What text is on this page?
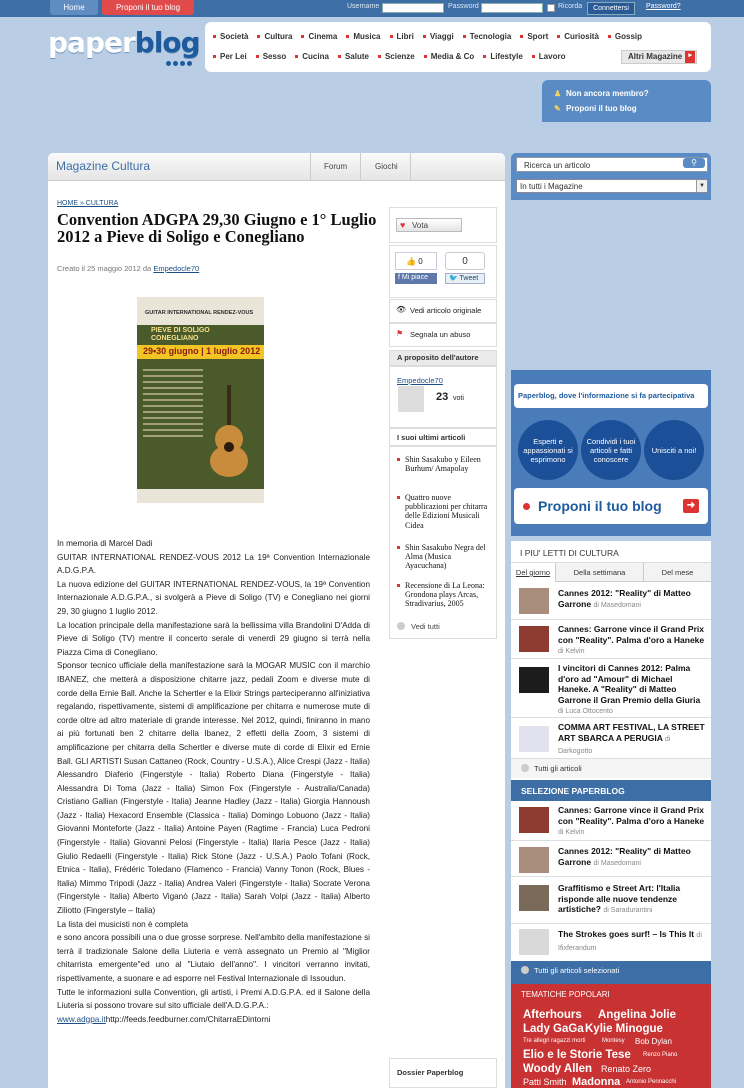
Home	Proponi il tuo blog	Username	Password	Ricorda	Connettersi	Password?
paperblog	Società	Cultura	Cinema	Musica	Libri	Viaggi	Tecnologia	Sport	Curiosità	Gossip
Per Lei	Sesso	Cucina	Salute	Scienze	Media & Co	Lifestyle	Lavoro	Altri Magazine ▸
♟ Non ancora membro?
✎ Proponi il tuo blog
Magazine Cultura	Forum	Giochi
HOME » CULTURA
Convention ADGPA 29,30 Giugno e 1° Luglio 2012 a Pieve di Soligo e Conegliano
Creato il 25 maggio 2012 da Empedocle70
GUITAR INTERNATIONAL RENDEZ-VOUS
PIEVE DI SOLIGO
CONEGLIANO
29•30 giugno | 1 luglio 2012

In memoria di Marcel Dadi

GUITAR INTERNATIONAL RENDEZ-VOUS 2012 La 19ª Convention Internazionale A.D.G.P.A.

La nuova edizione del GUITAR INTERNATIONAL RENDEZ-VOUS, la 19ª Convention Internazionale A.D.G.P.A., si svolgerà a Pieve di Soligo (TV) e Conegliano nei giorni 29, 30 giugno 1 luglio 2012.

La location principale della manifestazione sarà la bellissima villa Brandolini D'Adda di Pieve di Soligo (TV) mentre il concerto serale di venerdì 29 giugno si terrà nella Piazza Cima di Conegliano.

Sponsor tecnico ufficiale della manifestazione sarà la MOGAR MUSIC con il marchio IBANEZ, che metterà a disposizione chitarre jazz, pedali Zoom e diverse mute di corde della Ernie Ball. Anche la Schertler e la Elixir Strings parteciperanno all'iniziativa regalando, rispettivamente, sistemi di amplificazione per chitarra e numerose mute di corde oltre ad altro materiale di grande interesse. Nel 2012, quindi, finiranno in mano ai più fortunati ben 2 chitarre della Ibanez, 2 effetti della Zoom, 3 sistemi di amplificazione per chitarra della Schertler e diverse mute di corde di Elixir ed Ernie Ball. GLI ARTISTI Susan Cattaneo (Rock, Country - U.S.A.), Alice Crespi (Jazz - Italia) Alessandro Diaferio (Fingerstyle - Italia) Roberto Diana (Fingerstyle - Italia) Alessandra Di Toma (Jazz - Italia) Simon Fox (Fingerstyle - Australia/Canada) Cristiano Gallian (Fingerstyle - Italia) Jeanne Hadley (Jazz - Italia) Giorgia Hannoush (Jazz - Italia) Hexacord Ensemble (Classica - Italia) Domingo Lobuono (Jazz - Italia) Giovanni Monteforte (Jazz - Italia) Antoine Payen (Ragtime - Francia) Luca Pedroni (Fingerstyle - Italia) Giovanni Pelosi (Fingerstyle - Italia) Ilaria Pesce (Jazz - Italia) Giulio Redaelli (Fingerstyle - Italia) Rick Stone (Jazz - U.S.A.) Paolo Tofani (Rock, Etnica - Italia), Frédéric Toledano (Flamenco - Francia) Vanny Tonon (Rock, Blues - Italia) Mimmo Tripodi (Jazz - Italia) Andrea Valeri (Fingerstyle - Italia) Socrate Verona (Fingerstyle - Italia) Alberto Viganò (Jazz - Italia) Sarah Volpi (Jazz - Italia) Alberto Ziliotto (Fingerstyle – Italia)

La lista dei musicisti non è completa

e sono ancora possibili una o due grosse sorprese. Nell'ambito della manifestazione si terrà il tradizionale Salone della Liuteria e verrà assegnato un Premio al "Miglior chitarrista emergente"ed uno al "Liutaio dell'anno". I vincitori verranno invitati, rispettivamente, a suonare e ad esporre nel Festival Internazionale di Issoudun.

Tutte le informazioni sulla Convention, gli artisti, i Premi A.D.G.P.A. ed il Salone della Liuteria si possono trovare sul sito ufficiale dell'A.D.G.P.A.:

www.adgpa.ithttp://feeds.feedburner.com/ChitarraEDintorni

♥ Vota
👍 0
f Mi piace
0
🐦 Tweet
👁 Vedi articolo originale
⚑ Segnala un abuso
A proposito dell'autore
Empedocle70
23 voti
I suoi ultimi articoli
Shin Sasakubo y Eileen Burhum/ Amapolay
Quattro nuove pubblicazioni per chitarra delle Edizioni Musicali Cidea
Shin Sasakubo Negra del Alma (Musica Ayacuchana)
Recensione di La Leona: Grondona plays Arcas, Stradivarius, 2005
Vedi tutti
Dossier Paperblog
Ricerca un articolo
In tutti i Magazine	▼
⚲
Paperblog, dove l'informazione si fa partecipativa
Esperti e appassionati si esprimono
Condividi i tuoi articoli e fatti conoscere
Unisciti a noi!
Proponi il tuo blog	➜
I PIU' LETTI DI CULTURA
Del giorno	Della settimana	Del mese
Cannes 2012: "Reality" di Matteo Garrone di Masedomani
Cannes: Garrone vince il Grand Prix con "Reality". Palma d'oro a Haneke di Kelvin
I vincitori di Cannes 2012: Palma d'oro ad "Amour" di Michael Haneke. A "Reality" di Matteo Garrone il Gran Premio della Giuria di Luca Ottocento
COMMA ART FESTIVAL, LA STREET ART SBARCA A PERUGIA di Darkogotto
Tutti gli articoli
SELEZIONE PAPERBLOG
Cannes: Garrone vince il Grand Prix con "Reality". Palma d'oro a Haneke di Kelvin
Cannes 2012: "Reality" di Matteo Garrone di Masedomani
Graffitismo e Street Art: l'Italia risponde alle nuove tendenze artistiche? di Saradurantini
The Strokes goes surf! – Is This It di Ifixferandum
Tutti gli articoli selezionati
TEMATICHE POPOLARI
Afterhours Angelina Jolie
Lady GaGa Kylie Minogue
Tre allegri ragazzi morti	Montesy Bob Dylan
Elio e le Storie Tese Renzo Piano
Woody Allen Renato Zero
Patti Smith Madonna Antonio Pennacchi
